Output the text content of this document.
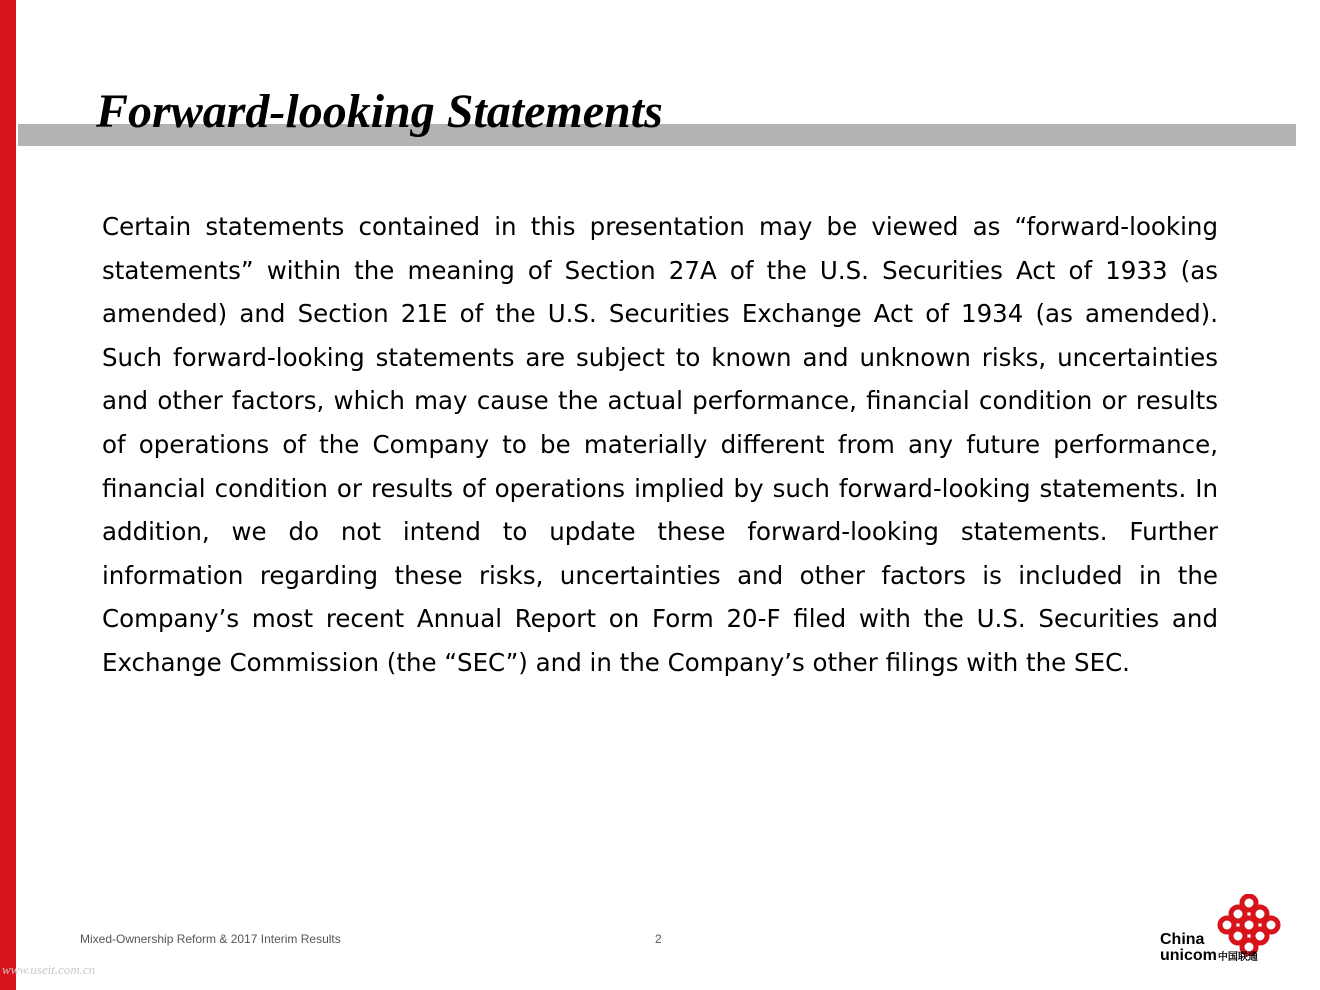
Forward-looking Statements

Certain statements contained in this presentation may be viewed as “forward-looking statements” within the meaning of Section 27A of the U.S. Securities Act of 1933 (as amended) and Section 21E of the U.S. Securities Exchange Act of 1934 (as amended). Such forward-looking statements are subject to known and unknown risks, uncertainties and other factors, which may cause the actual performance, financial condition or results of operations of the Company to be materially different from any future performance, financial condition or results of operations implied by such forward-looking statements. In addition, we do not intend to update these forward-looking statements. Further information regarding these risks, uncertainties and other factors is included in the Company’s most recent Annual Report on Form 20-F filed with the U.S. Securities and Exchange Commission (the “SEC”) and in the Company’s other filings with the SEC.

Mixed-Ownership Reform & 2017 Interim Results	2
www.useit.com.cn
China
unicom中国联通
